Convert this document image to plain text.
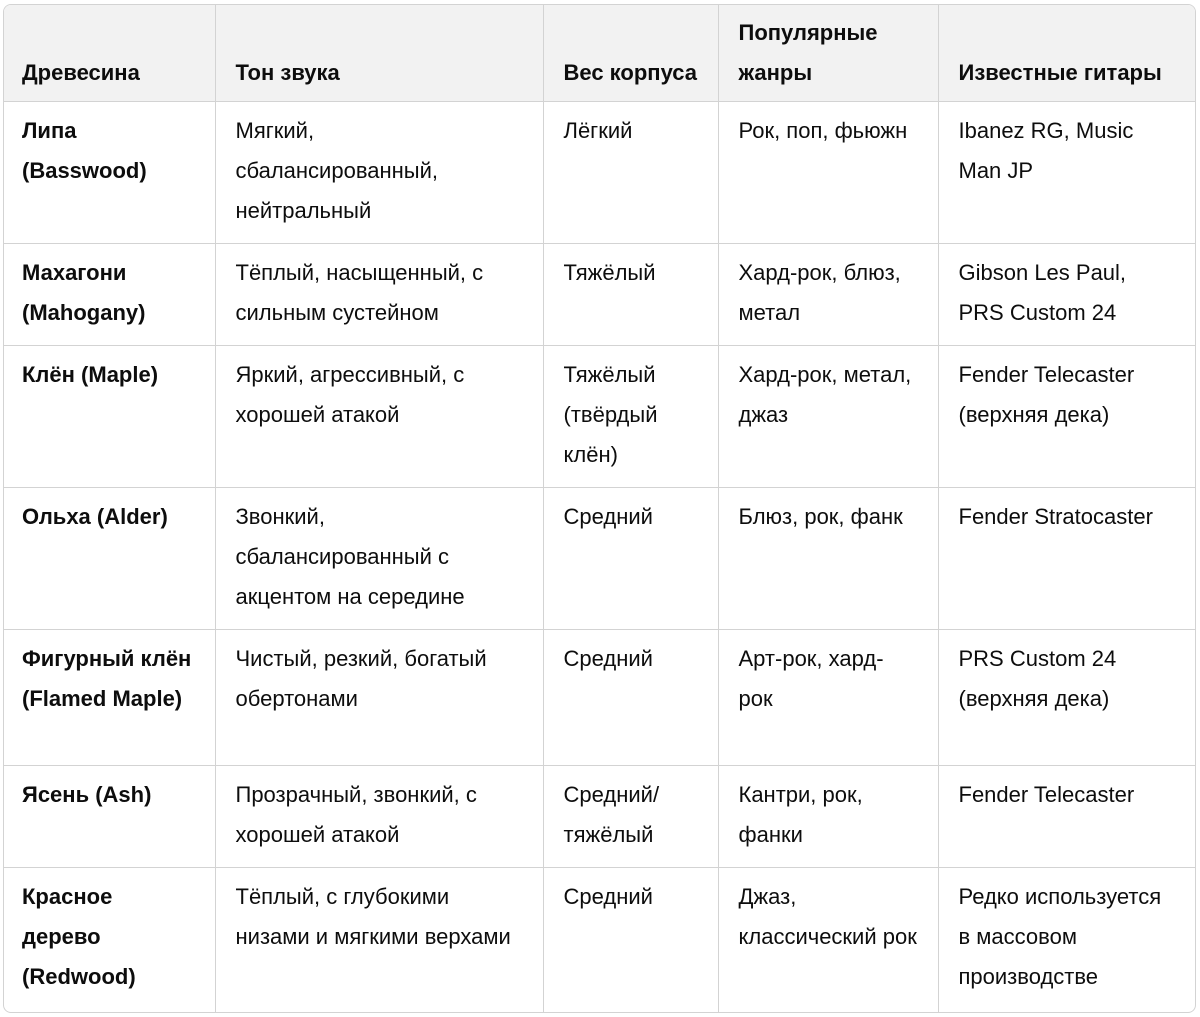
Древесина	Тон звука	Вес корпуса	Популярные жанры	Известные гитары
Липа (Basswood)	Мягкий, сбалансированный, нейтральный	Лёгкий	Рок, поп, фьюжн	Ibanez RG, Music Man JP
Махагони (Mahogany)	Тёплый, насыщенный, с сильным сустейном	Тяжёлый	Хард-рок, блюз, метал	Gibson Les Paul, PRS Custom 24
Клён (Maple)	Яркий, агрессивный, с хорошей атакой	Тяжёлый (твёрдый клён)	Хард-рок, метал, джаз	Fender Telecaster (верхняя дека)
Ольха (Alder)	Звонкий, сбалансированный с акцентом на середине	Средний	Блюз, рок, фанк	Fender Stratocaster
Фигурный клён (Flamed Maple)	Чистый, резкий, богатый обертонами	Средний	Арт-рок, хард-рок	PRS Custom 24 (верхняя дека)
Ясень (Ash)	Прозрачный, звонкий, с хорошей атакой	Средний/тяжёлый	Кантри, рок, фанки	Fender Telecaster
Красное дерево (Redwood)	Тёплый, с глубокими низами и мягкими верхами	Средний	Джаз, классический рок	Редко используется в массовом производстве
